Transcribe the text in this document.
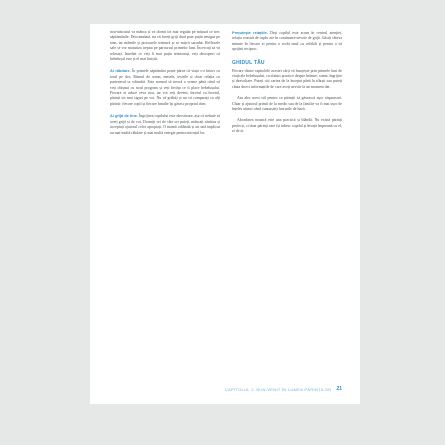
nou-născutul va mânca și va dormi tot mai regulat pe măsură ce trec săptămânile. Deocamdată, nu vă faceți griji dacă pare puțin nesigur pe sine, iar mâinile și picioarele tremură și se mișcă sacadat. Reflexele sale se vor maturiza treptat pe parcursul primelor luni. Încercați să vă relaxați. Imediat ce veți fi mai puțin tensionați, veți descoperi că bebelușul este și el mai liniștit.

Ai răbdare. În primele săptămâni poate părea că viața s-a întors cu totul pe dos. Ritmul de somn, mesele, ieșirile și chiar relația cu partenerul se schimbă. Este normal să treacă o vreme până când vă veți obișnui cu noul program și veți învăța ce îi place bebelușului. Fiecare zi aduce ceva nou, iar voi veți deveni, încetul cu încetul, părinți tot mai siguri pe voi. Nu vă grăbiți și nu vă comparați cu alți părinți: fiecare copil și fiecare familie își găsesc propriul ritm.

Ai grijă de tine. Îngrijirea copilului este obositoare, așa că trebuie să aveți grijă și de voi. Dormiți ori de câte ori puteți, mâncați sănătos și acceptați ajutorul celor apropiați. O mamă odihnită și un tată implicat au mai multă răbdare și mai multă energie pentru micuțul lor.

Prețuiește relațiile. Deși copilul este acum în centrul atenției, relația voastră de cuplu are în continuare nevoie de grijă. Găsiți câteva minute în fiecare zi pentru a vorbi unul cu celălalt și pentru a vă sprijini reciproc.

GHIDUL TĂU

Fiecare dintre capitolele acestei cărți vă însoțește prin primele luni de viață ale bebelușului, cu sfaturi practice despre hrănire, somn, îngrijire și dezvoltare. Puteți citi cartea de la început până la sfârșit sau puteți căuta direct informațiile de care aveți nevoie la un moment dat.

Am ales acest stil pentru ca părinții să găsească ușor răspunsuri. Chiar și ajutorul primit de la medic sau de la familie va fi mai ușor de înțeles atunci când cunoașteți lucrurile de bază.

Abordarea noastră este una practică și blândă. Nu există părinți perfecți, ci doar părinți care își iubesc copilul și învață împreună cu el, zi de zi.

CAPITOLUL 1: BUN-VENIT ÎN LUMEA PĂRINȚILOR 21
